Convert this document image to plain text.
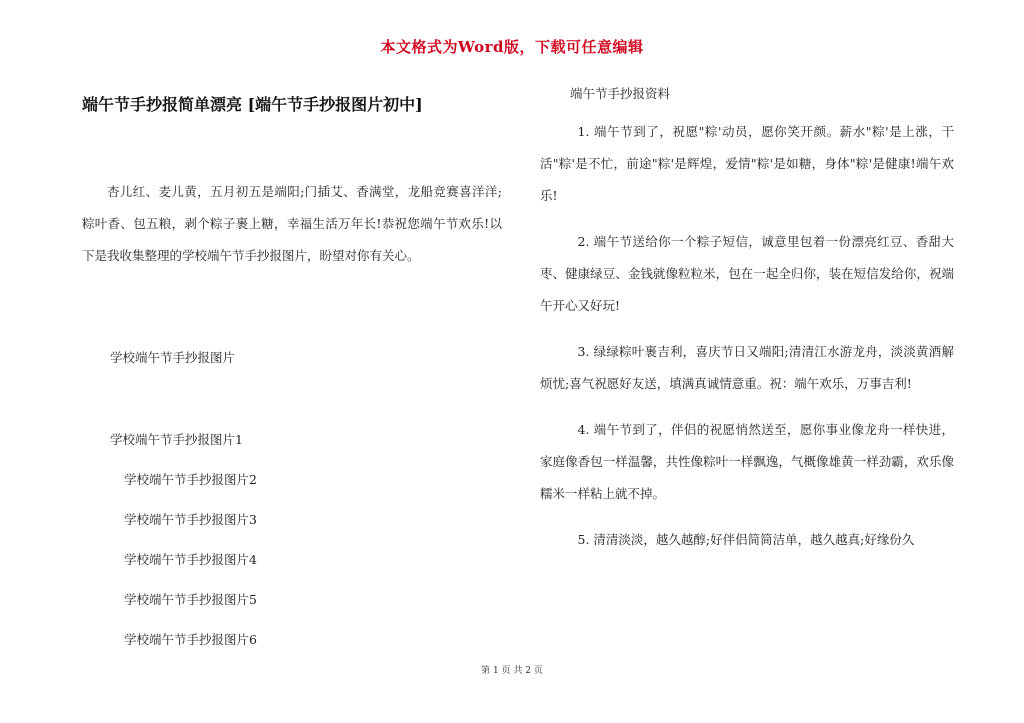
本文格式为Word版，下载可任意编辑
端午节手抄报简单漂亮 [端午节手抄报图片初中]

杏儿红、麦儿黄，五月初五是端阳;门插艾、香满堂，龙船竞赛喜洋洋;粽叶香、包五粮，剥个粽子裹上糖，幸福生活万年长!恭祝您端午节欢乐!以下是我收集整理的学校端午节手抄报图片，盼望对你有关心。

学校端午节手抄报图片
学校端午节手抄报图片1
学校端午节手抄报图片2
学校端午节手抄报图片3
学校端午节手抄报图片4
学校端午节手抄报图片5
学校端午节手抄报图片6

端午节手抄报资料

1. 端午节到了，祝愿"粽'动员，愿你笑开颜。薪水"粽'是上涨，干活"粽'是不忙，前途"粽'是辉煌，爱情"粽'是如糖，身体"粽'是健康!端午欢乐!

2. 端午节送给你一个粽子短信，诚意里包着一份漂亮红豆、香甜大枣、健康绿豆、金钱就像粒粒米，包在一起全归你，装在短信发给你，祝端午开心又好玩!

3. 绿绿粽叶裹吉利，喜庆节日又端阳;清清江水游龙舟，淡淡黄酒解烦忧;喜气祝愿好友送，填满真诚情意重。祝：端午欢乐，万事吉利!

4. 端午节到了，伴侣的祝愿悄然送至，愿你事业像龙舟一样快进，家庭像香包一样温馨，共性像粽叶一样飘逸，气概像雄黄一样劲霸，欢乐像糯米一样粘上就不掉。

5. 清清淡淡，越久越醇;好伴侣简简洁单，越久越真;好缘份久

第 1 页 共 2 页
